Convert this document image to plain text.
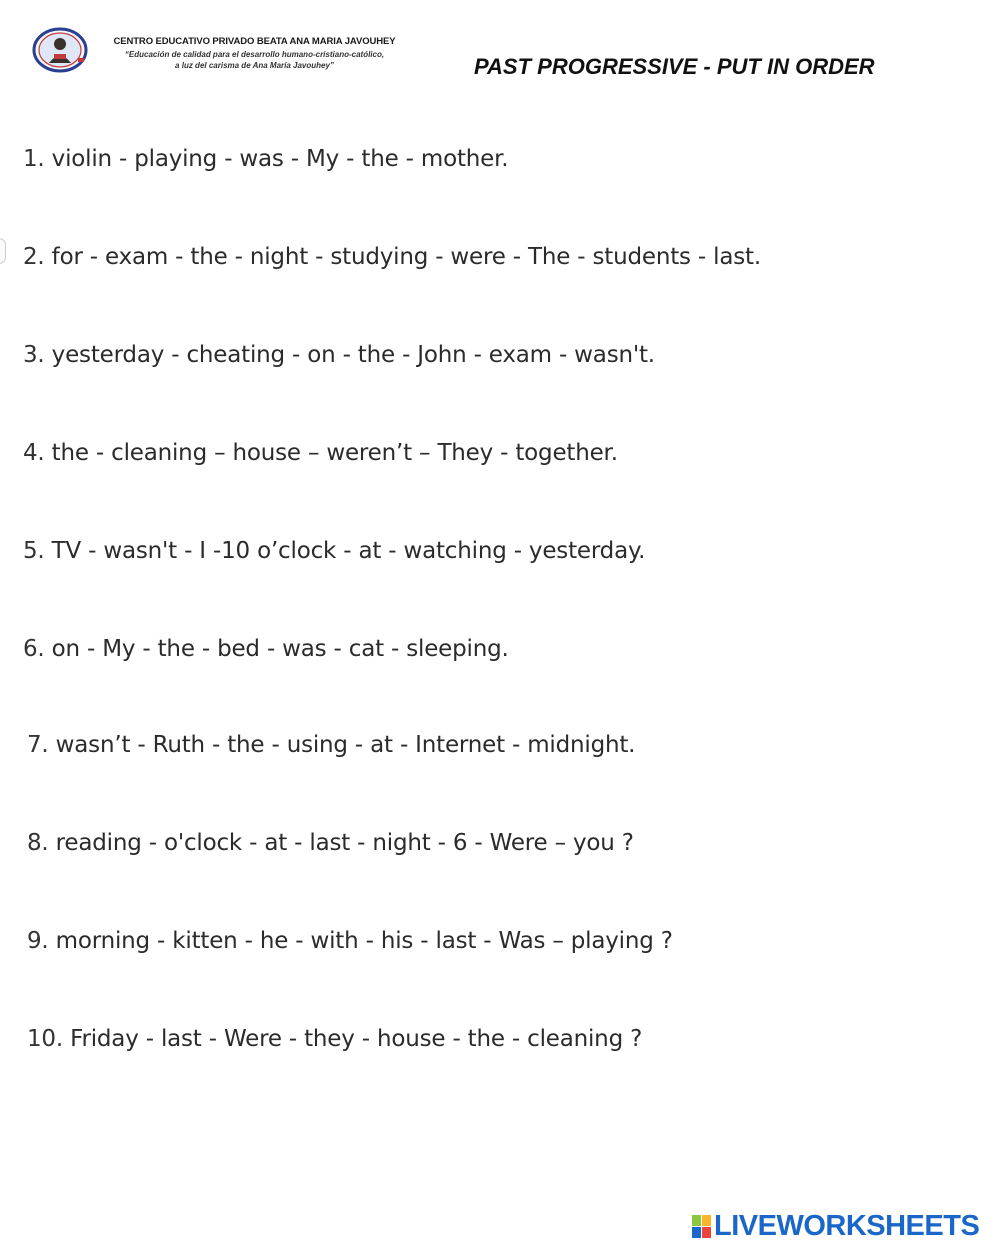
CENTRO EDUCATIVO PRIVADO BEATA ANA MARIA JAVOUHEY
“Educación de calidad para el desarrollo humano-cristiano-católico,
a luz del carisma de Ana María Javouhey”	PAST PROGRESSIVE - PUT IN ORDER
1. violin - playing - was - My - the - mother.
2. for - exam - the - night - studying - were - The - students - last.
3. yesterday - cheating - on - the - John - exam - wasn't.
4. the - cleaning – house – weren’t – They - together.
5. TV - wasn't - I -10 o’clock - at - watching - yesterday.
6. on - My - the - bed - was - cat - sleeping.
7. wasn’t - Ruth - the - using - at - Internet - midnight.
8. reading - o'clock - at - last - night - 6 - Were – you ?
9. morning - kitten - he - with - his - last - Was – playing ?
10. Friday - last - Were - they - house - the - cleaning ?
LIVEWORKSHEETS
